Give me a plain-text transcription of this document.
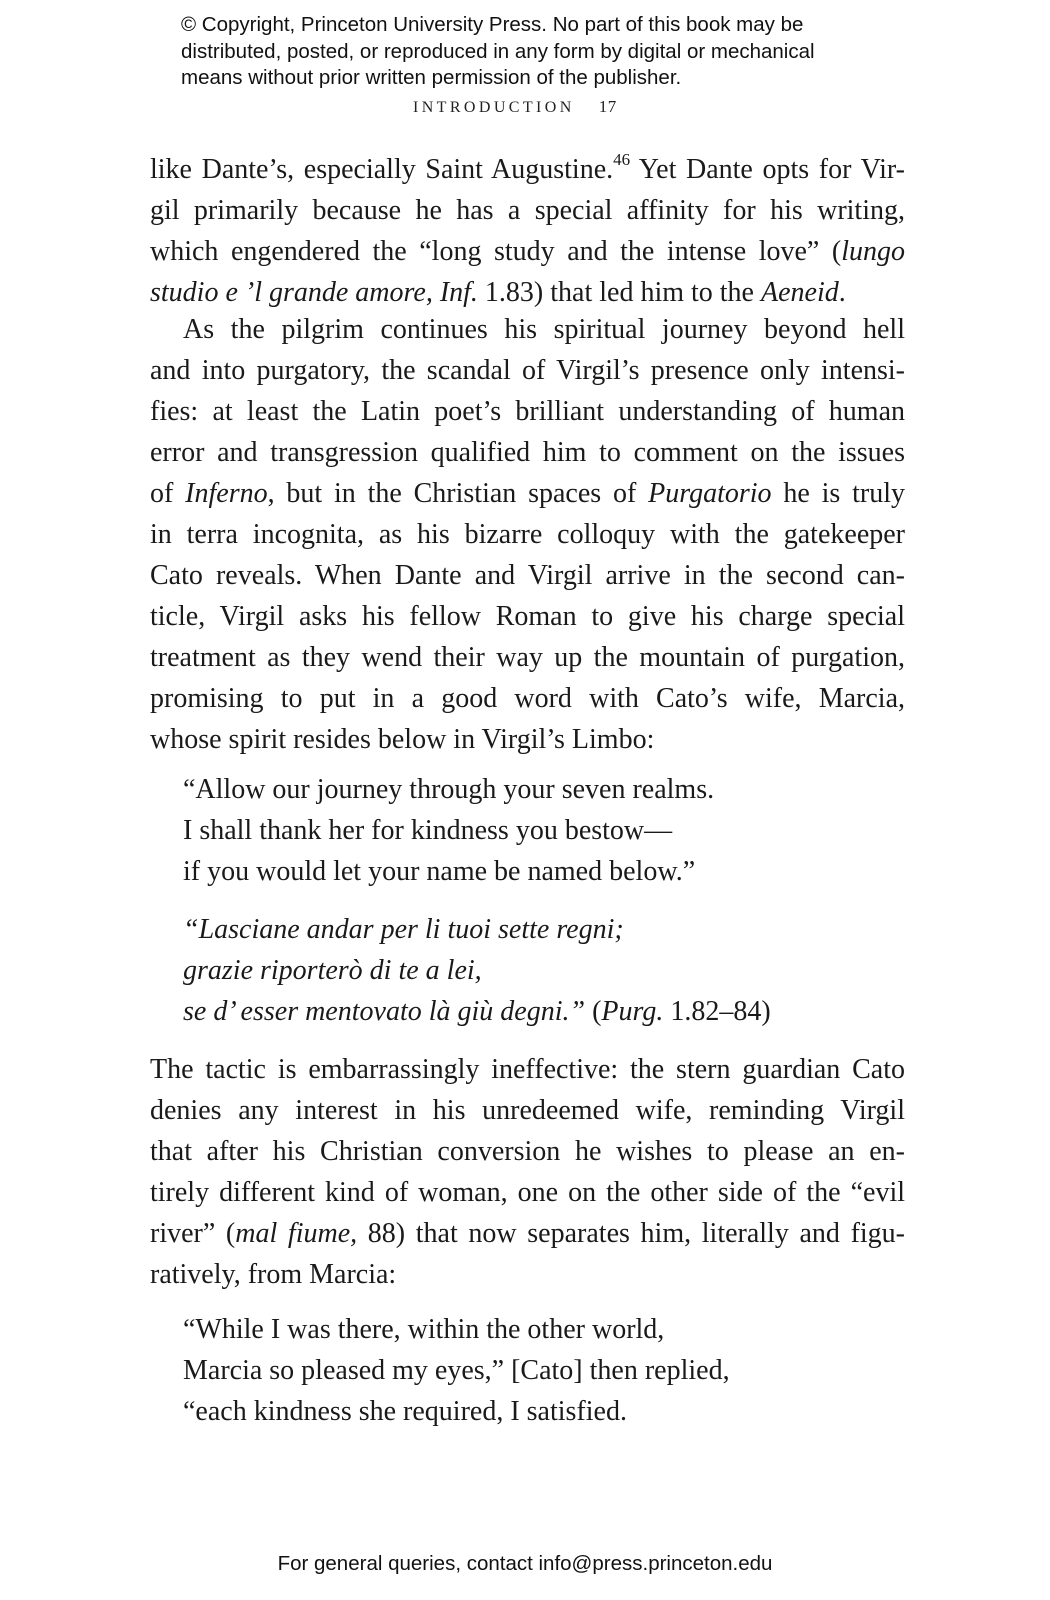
© Copyright, Princeton University Press. No part of this book may be
distributed, posted, or reproduced in any form by digital or mechanical
means without prior written permission of the publisher.
INTRODUCTION 17
like Dante’s, especially Saint Augustine.$^{46}$ Yet Dante opts for Vir-
gil primarily because he has a special affinity for his writing,
which engendered the “long study and the intense love” (lungo
studio e ’l grande amore, Inf. 1.83) that led him to the Aeneid.
As the pilgrim continues his spiritual journey beyond hell
and into purgatory, the scandal of Virgil’s presence only intensi-
fies: at least the Latin poet’s brilliant understanding of human
error and transgression qualified him to comment on the issues
of Inferno, but in the Christian spaces of Purgatorio he is truly
in terra incognita, as his bizarre colloquy with the gatekeeper
Cato reveals. When Dante and Virgil arrive in the second can-
ticle, Virgil asks his fellow Roman to give his charge special
treatment as they wend their way up the mountain of purgation,
promising to put in a good word with Cato’s wife, Marcia,
whose spirit resides below in Virgil’s Limbo:
“Allow our journey through your seven realms.
I shall thank her for kindness you bestow—
if you would let your name be named below.”
“Lasciane andar per li tuoi sette regni;
grazie riporterò di te a lei,
se d’ esser mentovato là giù degni.” (Purg. 1.82–84)
The tactic is embarrassingly ineffective: the stern guardian Cato
denies any interest in his unredeemed wife, reminding Virgil
that after his Christian conversion he wishes to please an en-
tirely different kind of woman, one on the other side of the “evil
river” (mal fiume, 88) that now separates him, literally and figu-
ratively, from Marcia:
“While I was there, within the other world,
Marcia so pleased my eyes,” [Cato] then replied,
“each kindness she required, I satisfied.
For general queries, contact info@press.princeton.edu
